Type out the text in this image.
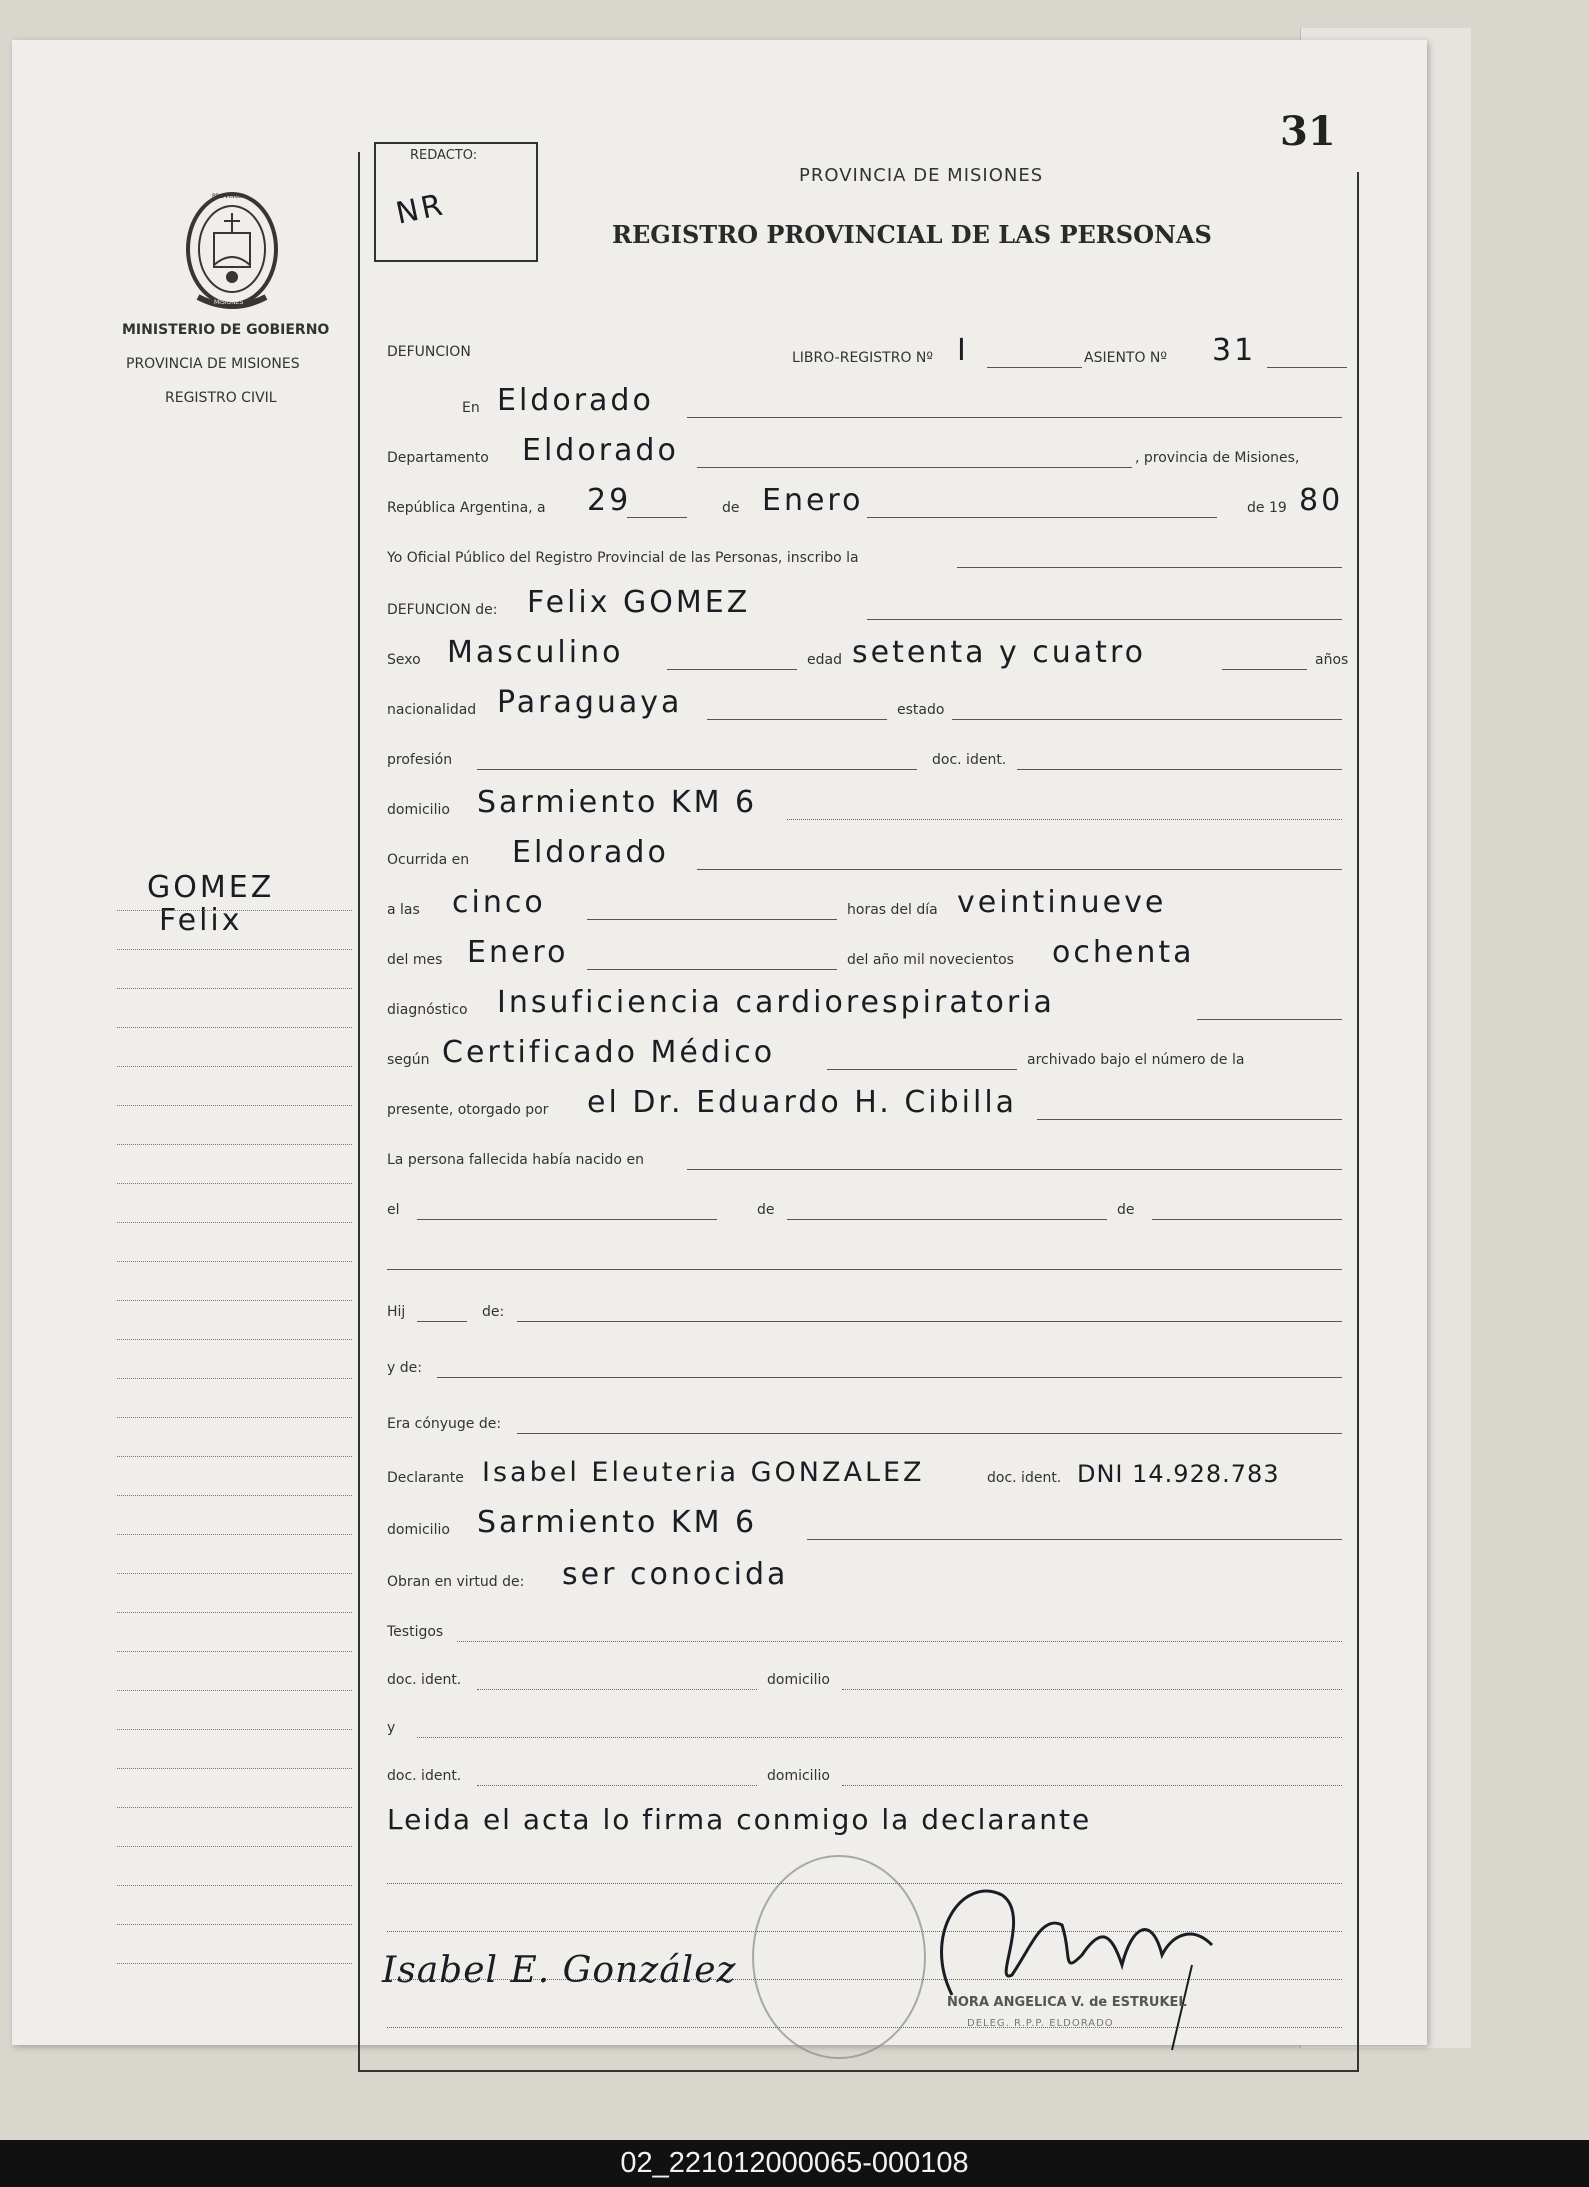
31
REDACTO:
NR
PROVINCIA DE MISIONES
REGISTRO PROVINCIAL DE LAS PERSONAS
PROVINCIA
MISIONES
MINISTERIO DE GOBIERNO
PROVINCIA DE MISIONES
REGISTRO CIVIL
GOMEZ
Felix
DEFUNCION	LIBRO-REGISTRO Nº I	ASIENTO Nº 31
En Eldorado
Departamento Eldorado	, provincia de Misiones,
República Argentina, a 29	de Enero	de 19 80
Yo Oficial Público del Registro Provincial de las Personas, inscribo la
DEFUNCION de: Felix GOMEZ
Sexo Masculino	edad setenta y cuatro	años
nacionalidad Paraguaya	estado
profesión	doc. ident.
domicilio Sarmiento KM 6
Ocurrida en Eldorado
a las cinco	horas del día veintinueve
del mes Enero	del año mil novecientos ochenta
diagnóstico Insuficiencia cardiorespiratoria
según Certificado Médico	archivado bajo el número de la
presente, otorgado por el Dr. Eduardo H. Cibilla
La persona fallecida había nacido en
el	de	de
Hij	de:
y de:
Era cónyuge de:
Declarante Isabel Eleuteria GONZALEZ	doc. ident. DNI 14.928.783
domicilio Sarmiento KM 6
Obran en virtud de: ser conocida
Testigos
doc. ident.	domicilio
y
doc. ident.	domicilio
Leida el acta lo firma conmigo la declarante
Isabel E. González
NORA ANGELICA V. de ESTRUKEL
DELEG. R.P.P. ELDORADO
02_221012000065-000108
